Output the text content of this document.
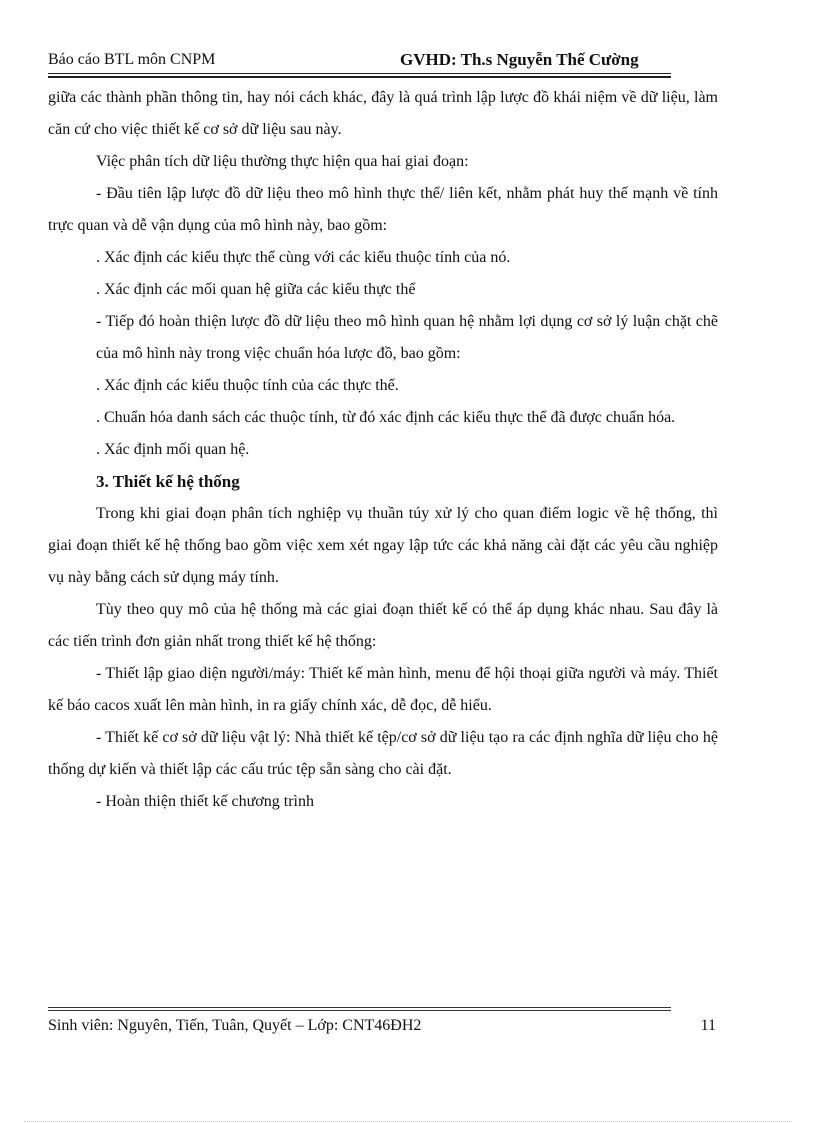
Báo cáo BTL môn CNPM	GVHD: Th.s Nguyễn Thế Cường

giữa các thành phần thông tin, hay nói cách khác, đây là quá trình lập lược đồ khái niệm về dữ liệu, làm căn cứ cho việc thiết kế cơ sở dữ liệu sau này.

Việc phân tích dữ liệu thường thực hiện qua hai giai đoạn:

- Đầu tiên lập lược đồ dữ liệu theo mô hình thực thể/ liên kết, nhằm phát huy thế mạnh về tính trực quan và dễ vận dụng của mô hình này, bao gồm:

. Xác định các kiểu thực thể cùng với các kiểu thuộc tính của nó.

. Xác định các mối quan hệ giữa các kiểu thực thể

- Tiếp đó hoàn thiện lược đồ dữ liệu theo mô hình quan hệ nhằm lợi dụng cơ sở lý luận chặt chẽ của mô hình này trong việc chuẩn hóa lược đồ, bao gồm:

. Xác định các kiểu thuộc tính của các thực thể.

. Chuẩn hóa danh sách các thuộc tính, từ đó xác định các kiểu thực thể đã được chuẩn hóa.

. Xác định mối quan hệ.

3. Thiết kế hệ thống

Trong khi giai đoạn phân tích nghiệp vụ thuần túy xử lý cho quan điểm logic về hệ thống, thì giai đoạn thiết kế hệ thống bao gồm việc xem xét ngay lập tức các khả năng cài đặt các yêu cầu nghiệp vụ này bằng cách sử dụng máy tính.

Tùy theo quy mô của hệ thống mà các giai đoạn thiết kế có thể áp dụng khác nhau. Sau đây là các tiến trình đơn giản nhất trong thiết kế hệ thống:

- Thiết lập giao diện người/máy: Thiết kế màn hình, menu để hội thoại giữa người và máy. Thiết kế báo cacos xuất lên màn hình, in ra giấy chính xác, dễ đọc, dễ hiểu.

- Thiết kế cơ sở dữ liệu vật lý: Nhà thiết kế tệp/cơ sở dữ liệu tạo ra các định nghĩa dữ liệu cho hệ thống dự kiến và thiết lập các cấu trúc tệp sẵn sàng cho cài đặt.

- Hoàn thiện thiết kế chương trình

Sinh viên: Nguyên, Tiến, Tuân, Quyết – Lớp: CNT46ĐH2	11
